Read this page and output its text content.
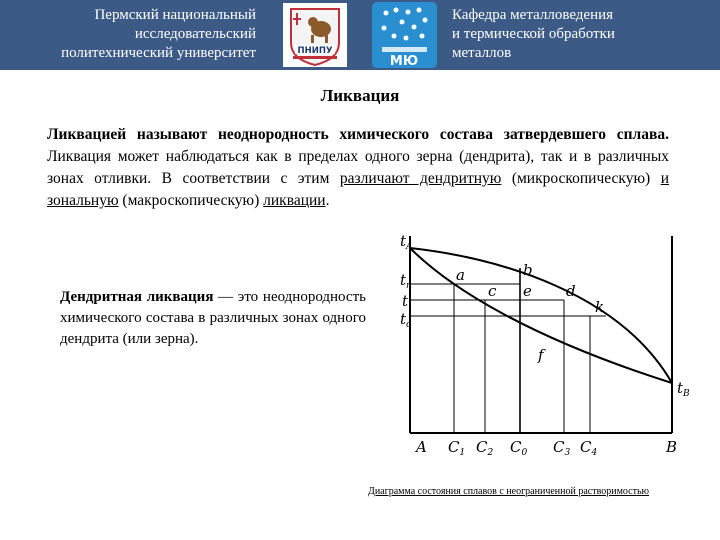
Пермский национальный
исследовательский
политехнический университет	ПНИПУ
МЮ
Кафедра металловедения
и термической обработки
металлов
Ликвация
Ликвацией называют неоднородность химического состава затвердевшего сплава. Ликвация может наблюдаться как в пределах одного зерна (дендрита), так и в различных зонах отливки. В соответствии с этим различают дендритную (микроскопическую) и зональную (макроскопическую) ликвации.
Дендритная ликвация — это неоднородность химического состава в различных зонах одного дендрита (или зерна).
$t_A$
$t_n$
t
$t_c$
$t_B$
a	b
c e d
k
f
A $C_1$ $C_2$ $C_0$ $C_3$ $C_4$	B
Диаграмма состояния сплавов с неограниченной растворимостью
